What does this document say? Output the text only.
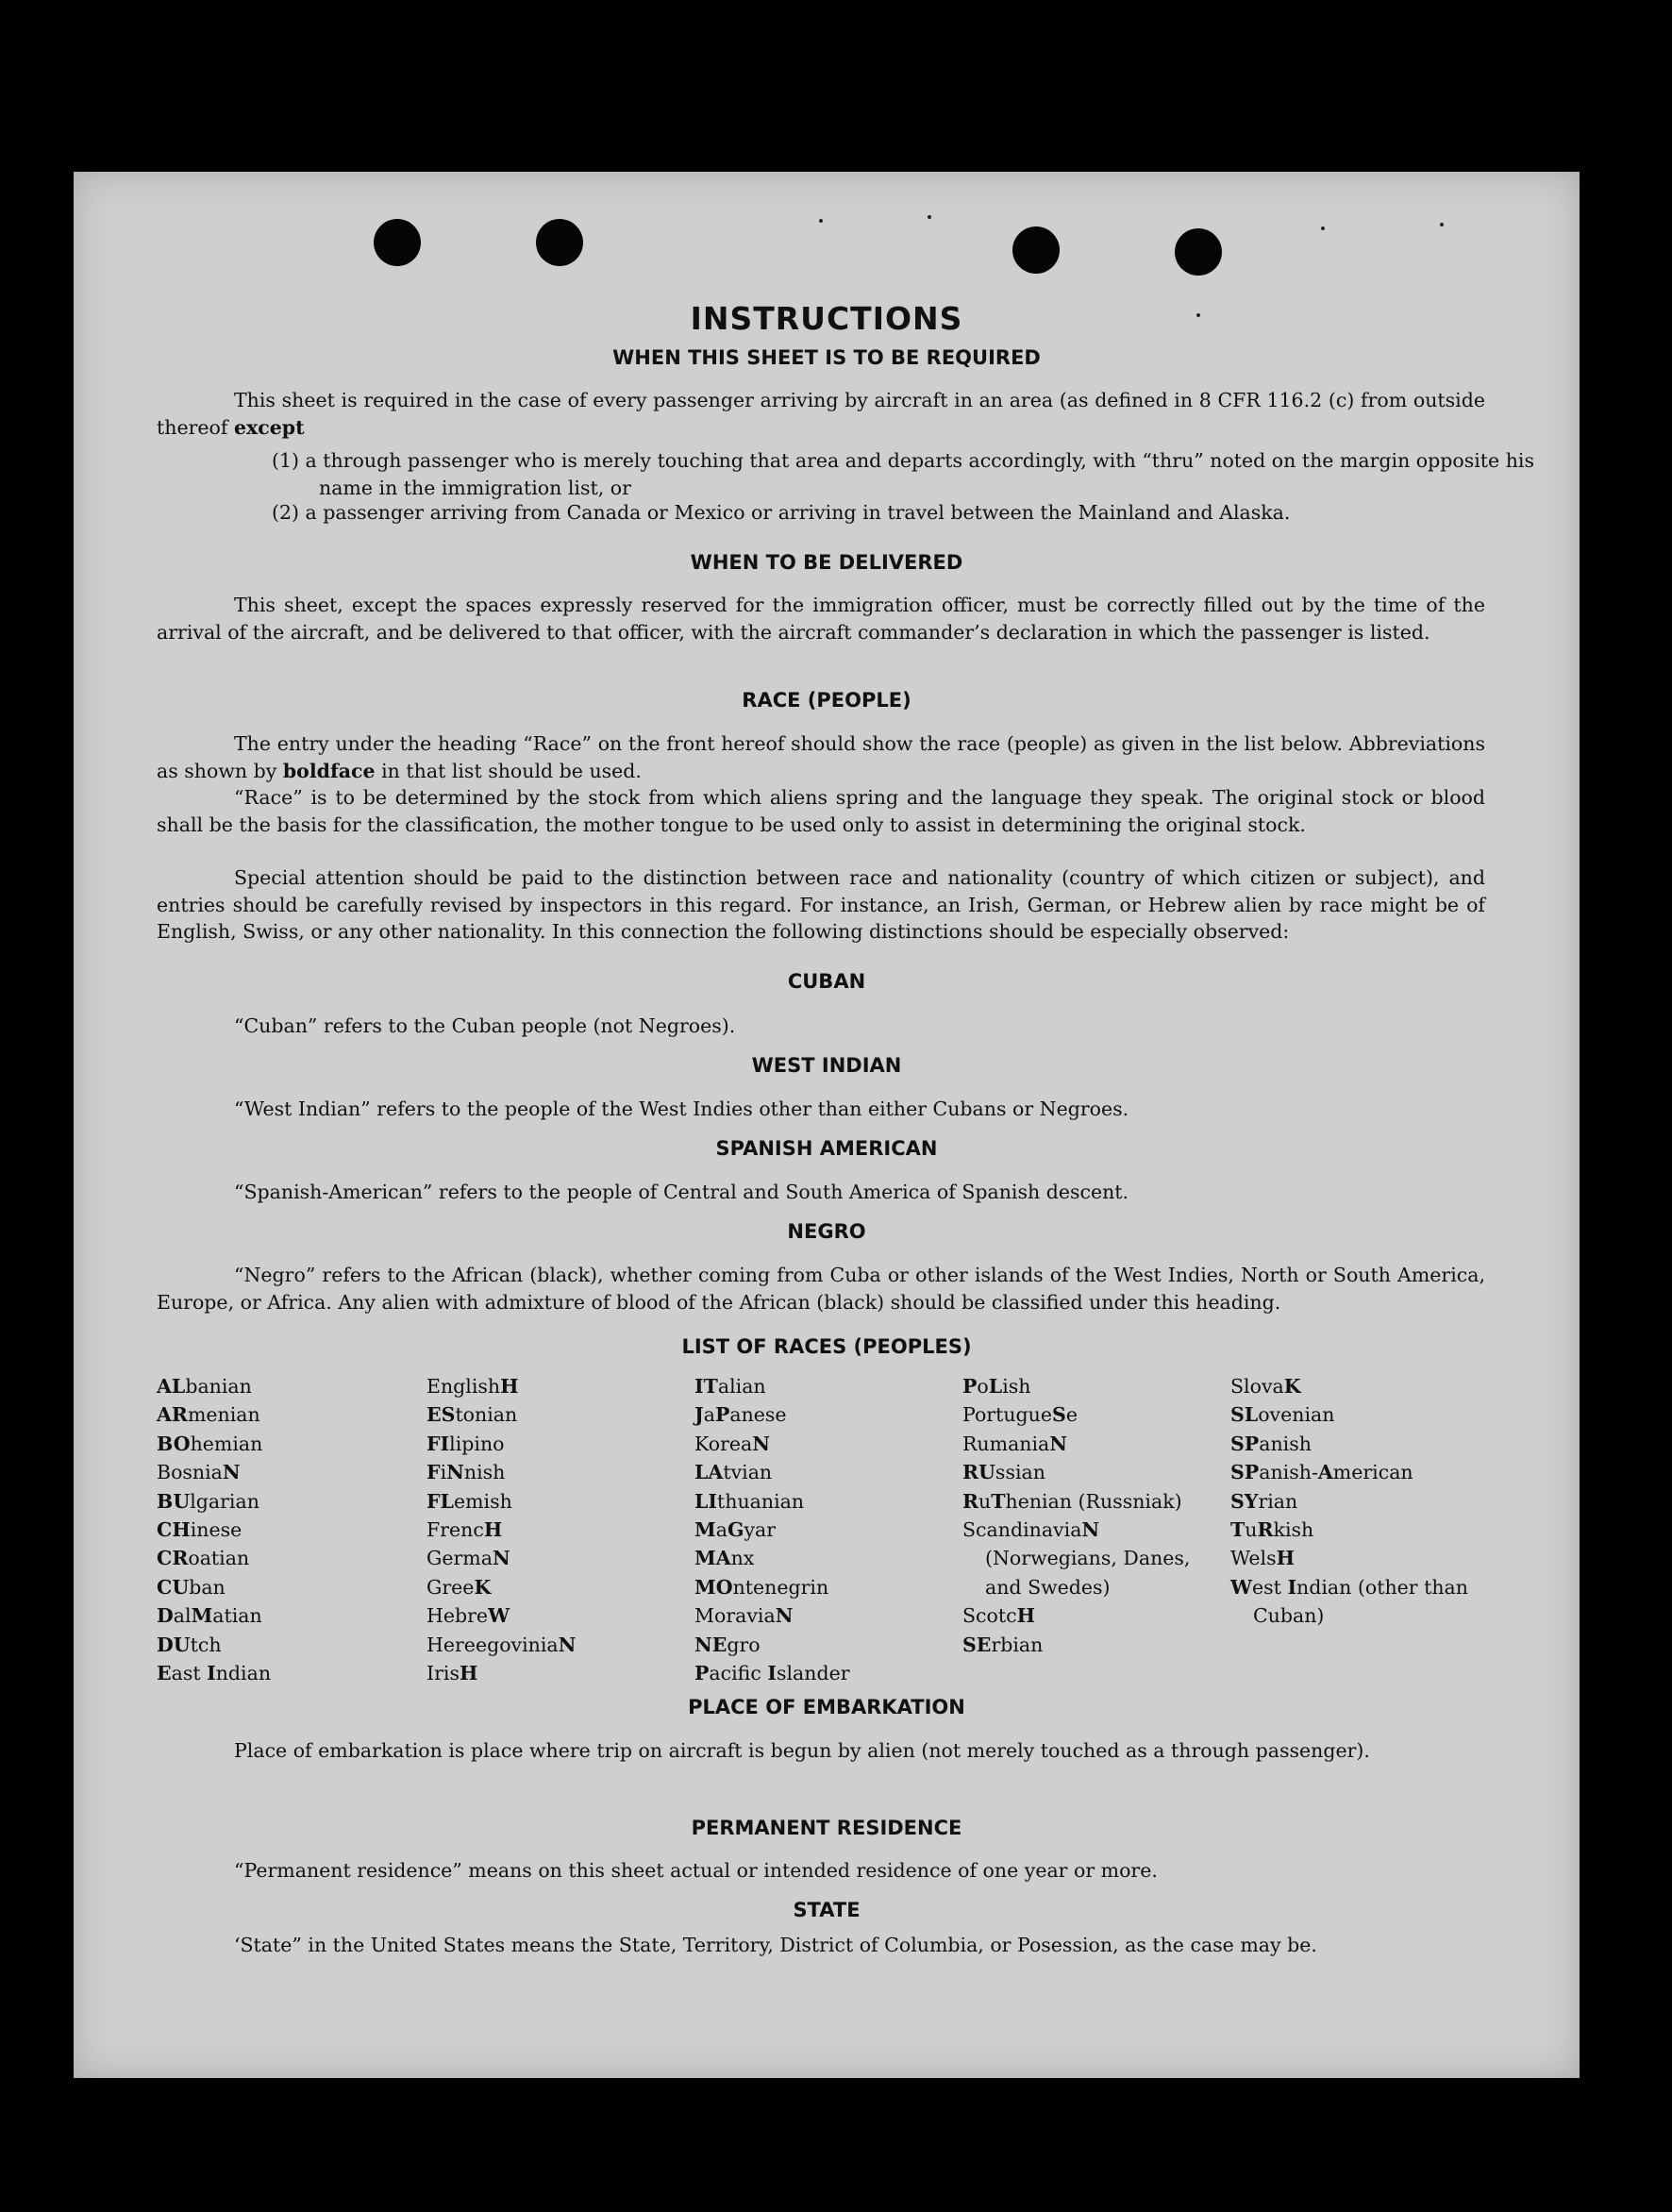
INSTRUCTIONS
WHEN THIS SHEET IS TO BE REQUIRED

This sheet is required in the case of every passenger arriving by aircraft in an area (as defined in 8 CFR 116.2 (c) from outside thereof except

(1) a through passenger who is merely touching that area and departs accordingly, with “thru” noted on the margin opposite his name in the immigration list, or

(2) a passenger arriving from Canada or Mexico or arriving in travel between the Mainland and Alaska.

WHEN TO BE DELIVERED

This sheet, except the spaces expressly reserved for the immigration officer, must be correctly filled out by the time of the arrival of the aircraft, and be delivered to that officer, with the aircraft commander’s declaration in which the passenger is listed.

RACE (PEOPLE)

The entry under the heading “Race” on the front hereof should show the race (people) as given in the list below. Abbreviations as shown by boldface in that list should be used.

“Race” is to be determined by the stock from which aliens spring and the language they speak. The original stock or blood shall be the basis for the classification, the mother tongue to be used only to assist in determining the original stock.

Special attention should be paid to the distinction between race and nationality (country of which citizen or subject), and entries should be carefully revised by inspectors in this regard. For instance, an Irish, German, or Hebrew alien by race might be of English, Swiss, or any other nationality. In this connection the following distinctions should be especially observed:

CUBAN

“Cuban” refers to the Cuban people (not Negroes).

WEST INDIAN

“West Indian” refers to the people of the West Indies other than either Cubans or Negroes.

SPANISH AMERICAN

“Spanish-American” refers to the people of Central and South America of Spanish descent.

NEGRO

“Negro” refers to the African (black), whether coming from Cuba or other islands of the West Indies, North or South America, Europe, or Africa. Any alien with admixture of blood of the African (black) should be classified under this heading.

LIST OF RACES (PEOPLES)

ALbanian

ARmenian

BOhemian

BosniaN

BUlgarian

CHinese

CRoatian

CUban

DalMatian

DUtch

East Indian

EnglishH

EStonian

FIlipino

FiNnish

FLemish

FrencH

GermaN

GreeK

HebreW

HereegoviniaN

IrisH

ITalian

JaPanese

KoreaN

LAtvian

LIthuanian

MaGyar

MAnx

MOntenegrin

MoraviaN

NEgro

Pacific Islander

PoLish

PortugueSe

RumaniaN

RUssian

RuThenian (Russniak)

ScandinaviaN (Norwegians, Danes, and Swedes)

ScotcH

SErbian

SlovaK

SLovenian

SPanish

SPanish-American

SYrian

TuRkish

WelsH

West Indian (other than Cuban)

PLACE OF EMBARKATION

Place of embarkation is place where trip on aircraft is begun by alien (not merely touched as a through passenger).

PERMANENT RESIDENCE

“Permanent residence” means on this sheet actual or intended residence of one year or more.

STATE

‘State” in the United States means the State, Territory, District of Columbia, or Posession, as the case may be.
